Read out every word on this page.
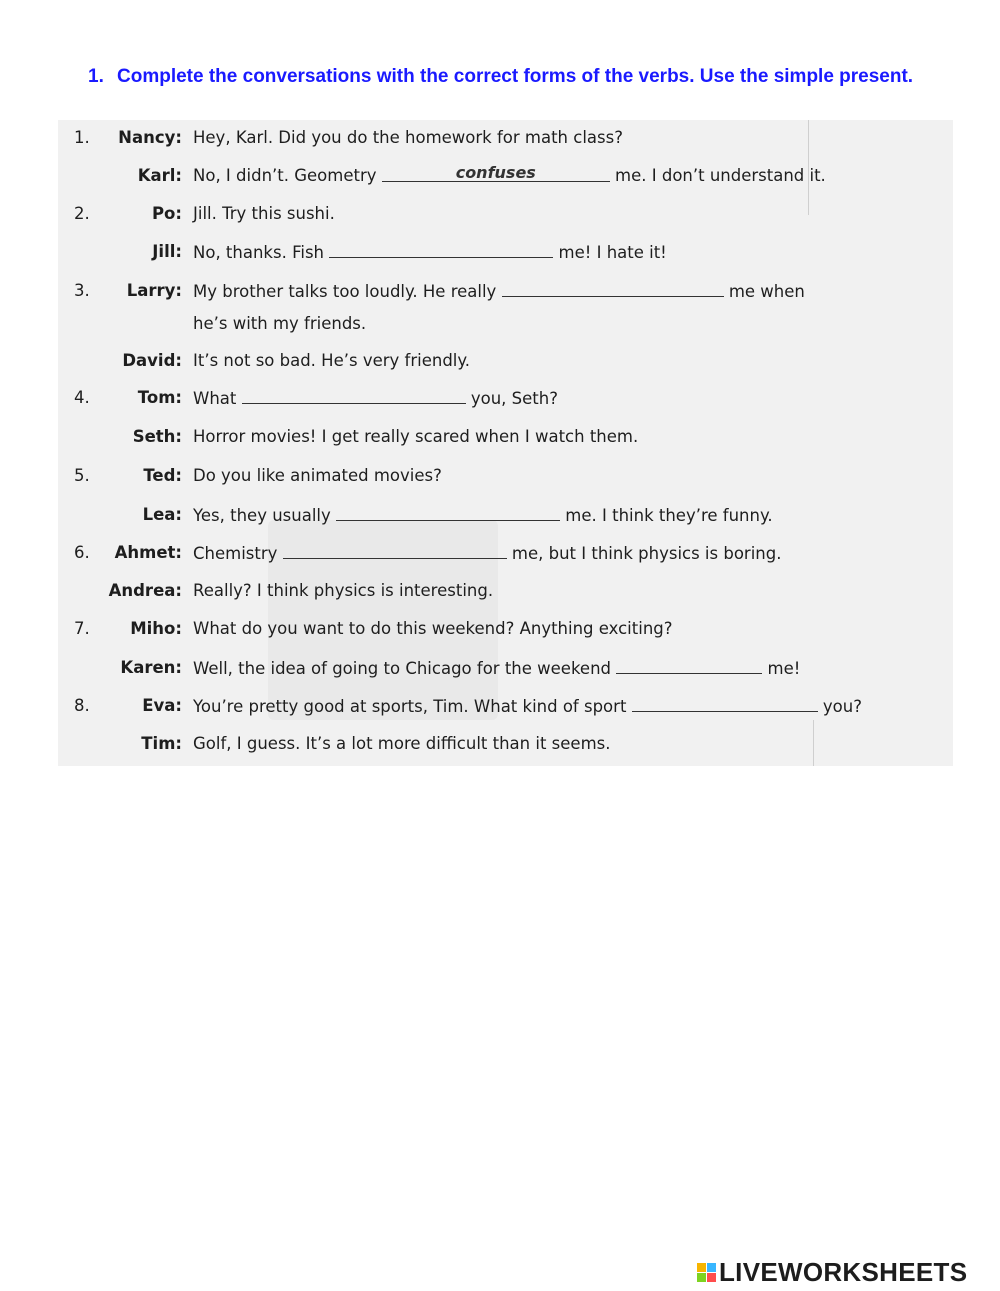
1. Complete the conversations with the correct forms of the verbs. Use the simple present.
1.	Nancy: Hey, Karl. Did you do the homework for math class?
Karl: No, I didn’t. Geometry	confuses	me. I don’t understand it.
2.	Po: Jill. Try this sushi.
Jill: No, thanks. Fish	me! I hate it!
3.	Larry: My brother talks too loudly. He really	me when
he’s with my friends.
David: It’s not so bad. He’s very friendly.
4.	Tom: What	you, Seth?
Seth: Horror movies! I get really scared when I watch them.
5.	Ted: Do you like animated movies?
Lea: Yes, they usually	me. I think they’re funny.
6.	Ahmet: Chemistry	me, but I think physics is boring.
Andrea: Really? I think physics is interesting.
7.	Miho: What do you want to do this weekend? Anything exciting?
Karen: Well, the idea of going to Chicago for the weekend	me!
8.	Eva: You’re pretty good at sports, Tim. What kind of sport	you?
Tim: Golf, I guess. It’s a lot more difficult than it seems.
LIVEWORKSHEETS
